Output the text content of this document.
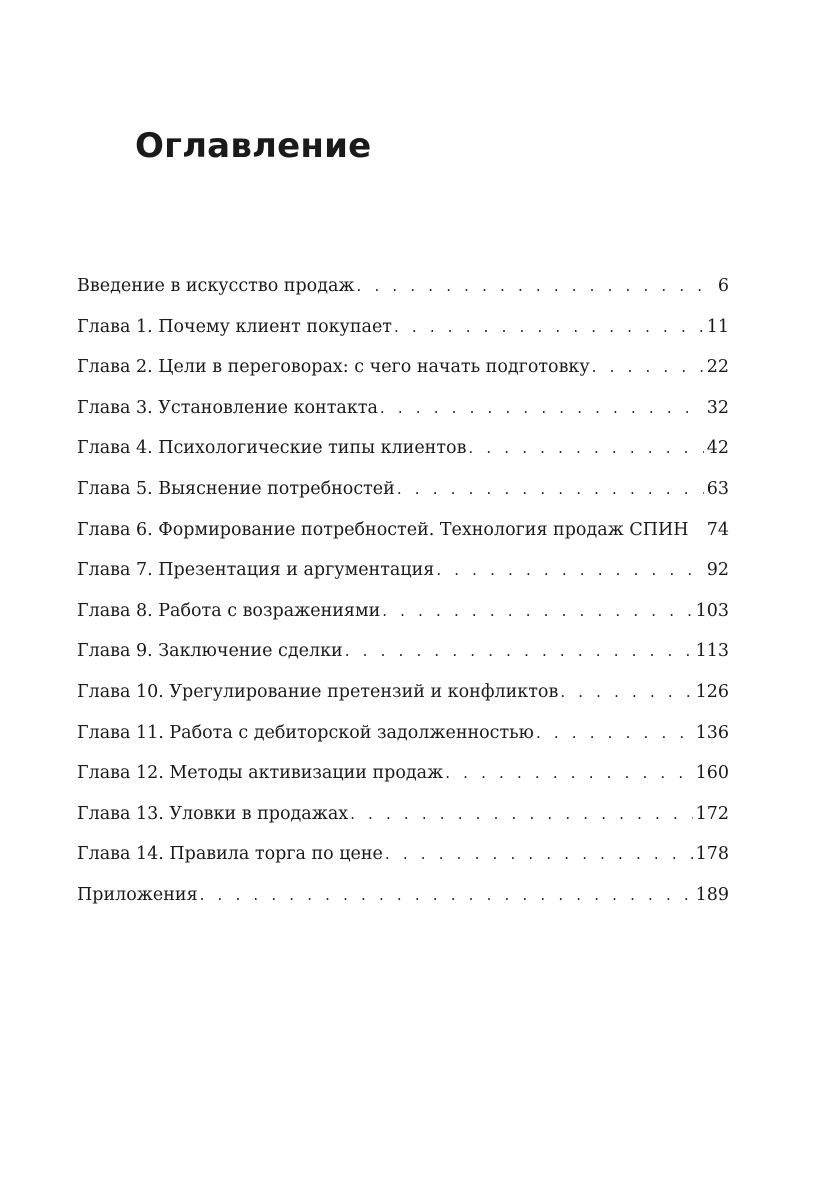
Оглавление
Введение в искусство продаж . . .	6
Глава 1. Почему клиент покупает . . .	11
Глава 2. Цели в переговорах: с чего начать подготовку . . .	22
Глава 3. Установление контакта . . .	32
Глава 4. Психологические типы клиентов . . .	42
Глава 5. Выяснение потребностей . . .	63
Глава 6. Формирование потребностей. Технология продаж СПИН 74
Глава 7. Презентация и аргументация . . .	92
Глава 8. Работа с возражениями . . .	103
Глава 9. Заключение сделки . . .	113
Глава 10. Урегулирование претензий и конфликтов . . .	126
Глава 11. Работа с дебиторской задолженностью . . .	136
Глава 12. Методы активизации продаж . . .	160
Глава 13. Уловки в продажах . . .	172
Глава 14. Правила торга по цене . . .	178
Приложения . . .	189
